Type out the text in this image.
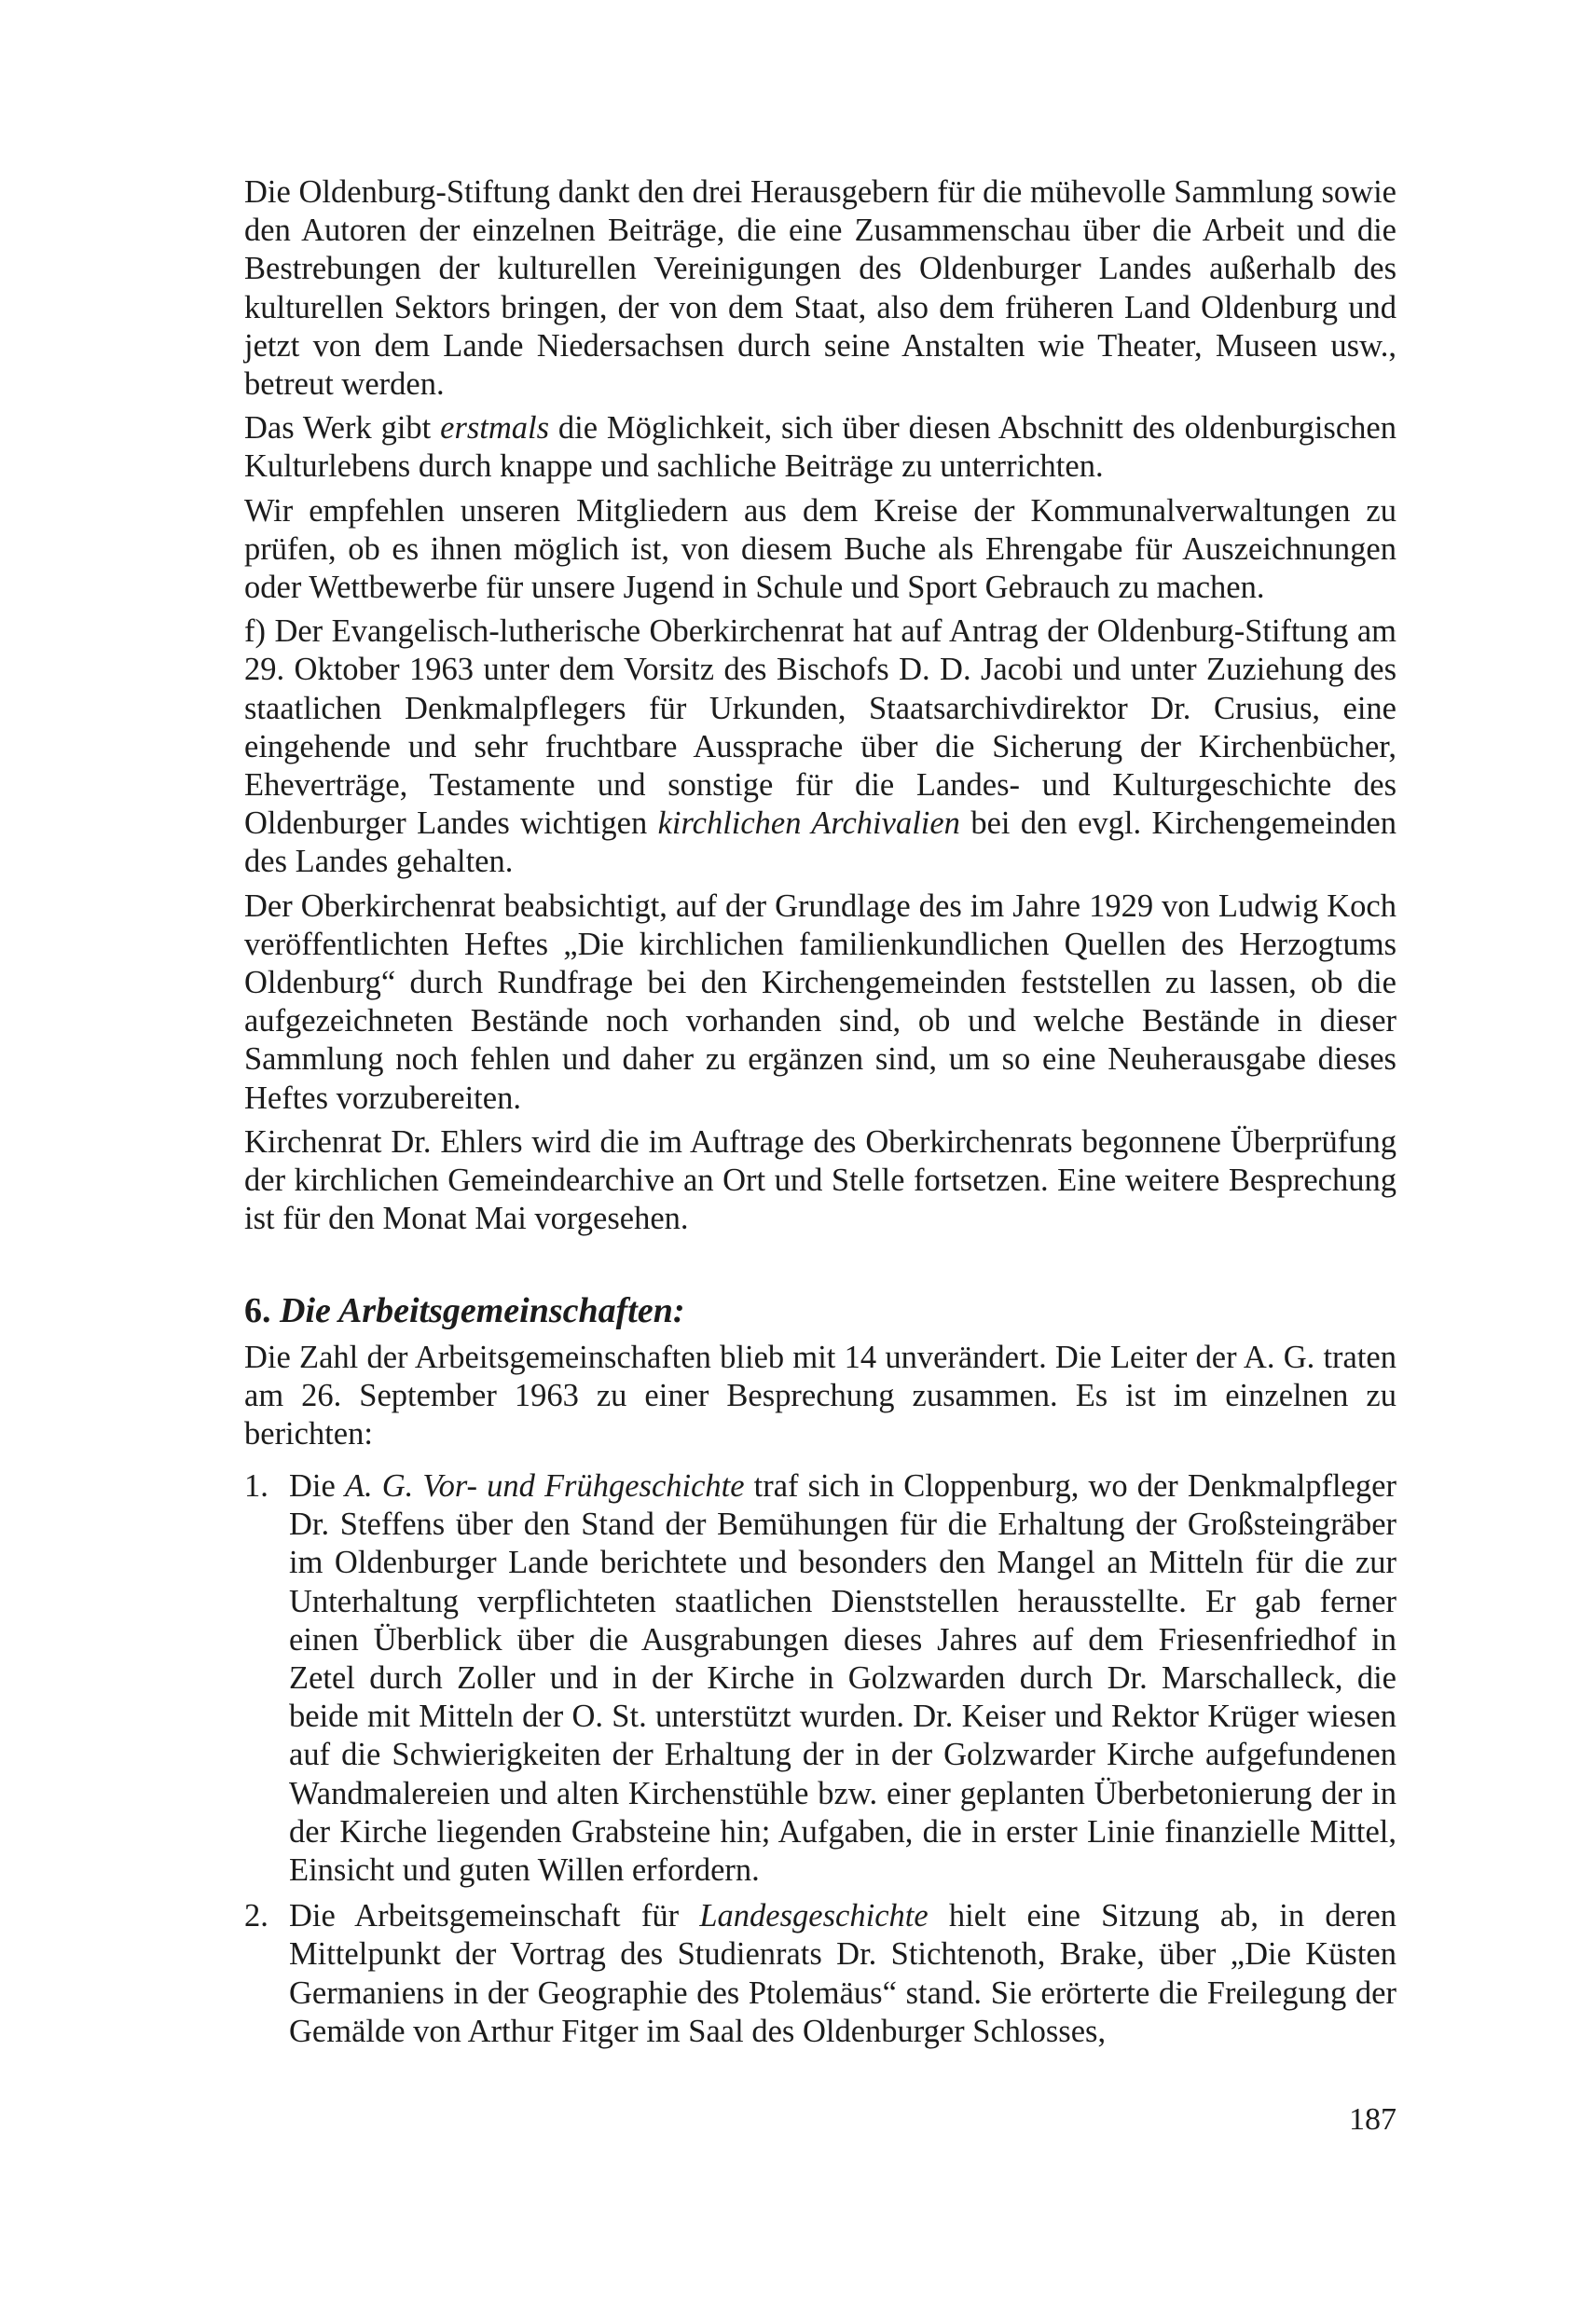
Die Oldenburg-Stiftung dankt den drei Herausgebern für die mühevolle Sammlung sowie den Autoren der einzelnen Beiträge, die eine Zusammenschau über die Arbeit und die Bestrebungen der kulturellen Vereinigungen des Oldenburger Landes außerhalb des kulturellen Sektors bringen, der von dem Staat, also dem früheren Land Oldenburg und jetzt von dem Lande Niedersachsen durch seine Anstalten wie Theater, Museen usw., betreut werden.

Das Werk gibt erstmals die Möglichkeit, sich über diesen Abschnitt des oldenburgischen Kulturlebens durch knappe und sachliche Beiträge zu unterrichten.

Wir empfehlen unseren Mitgliedern aus dem Kreise der Kommunalverwaltungen zu prüfen, ob es ihnen möglich ist, von diesem Buche als Ehrengabe für Auszeichnungen oder Wettbewerbe für unsere Jugend in Schule und Sport Gebrauch zu machen.

f) Der Evangelisch-lutherische Oberkirchenrat hat auf Antrag der Oldenburg-Stiftung am 29. Oktober 1963 unter dem Vorsitz des Bischofs D. D. Jacobi und unter Zuziehung des staatlichen Denkmalpflegers für Urkunden, Staatsarchivdirektor Dr. Crusius, eine eingehende und sehr fruchtbare Aussprache über die Sicherung der Kirchenbücher, Eheverträge, Testamente und sonstige für die Landes- und Kulturgeschichte des Oldenburger Landes wichtigen kirchlichen Archivalien bei den evgl. Kirchengemeinden des Landes gehalten.

Der Oberkirchenrat beabsichtigt, auf der Grundlage des im Jahre 1929 von Ludwig Koch veröffentlichten Heftes „Die kirchlichen familienkundlichen Quellen des Herzogtums Oldenburg“ durch Rundfrage bei den Kirchengemeinden feststellen zu lassen, ob die aufgezeichneten Bestände noch vorhanden sind, ob und welche Bestände in dieser Sammlung noch fehlen und daher zu ergänzen sind, um so eine Neuherausgabe dieses Heftes vorzubereiten.

Kirchenrat Dr. Ehlers wird die im Auftrage des Oberkirchenrats begonnene Überprüfung der kirchlichen Gemeindearchive an Ort und Stelle fortsetzen. Eine weitere Besprechung ist für den Monat Mai vorgesehen.

6. Die Arbeitsgemeinschaften:

Die Zahl der Arbeitsgemeinschaften blieb mit 14 unverändert. Die Leiter der A. G. traten am 26. September 1963 zu einer Besprechung zusammen. Es ist im einzelnen zu berichten:

1. Die A. G. Vor- und Frühgeschichte traf sich in Cloppenburg, wo der Denkmalpfleger Dr. Steffens über den Stand der Bemühungen für die Erhaltung der Großsteingräber im Oldenburger Lande berichtete und besonders den Mangel an Mitteln für die zur Unterhaltung verpflichteten staatlichen Dienststellen herausstellte. Er gab ferner einen Überblick über die Ausgrabungen dieses Jahres auf dem Friesenfriedhof in Zetel durch Zoller und in der Kirche in Golzwarden durch Dr. Marschalleck, die beide mit Mitteln der O. St. unterstützt wurden. Dr. Keiser und Rektor Krüger wiesen auf die Schwierigkeiten der Erhaltung der in der Golzwarder Kirche aufgefundenen Wandmalereien und alten Kirchenstühle bzw. einer geplanten Überbetonierung der in der Kirche liegenden Grabsteine hin; Aufgaben, die in erster Linie finanzielle Mittel, Einsicht und guten Willen erfordern.

2. Die Arbeitsgemeinschaft für Landesgeschichte hielt eine Sitzung ab, in deren Mittelpunkt der Vortrag des Studienrats Dr. Stichtenoth, Brake, über „Die Küsten Germaniens in der Geographie des Ptolemäus“ stand. Sie erörterte die Freilegung der Gemälde von Arthur Fitger im Saal des Oldenburger Schlosses,

187
